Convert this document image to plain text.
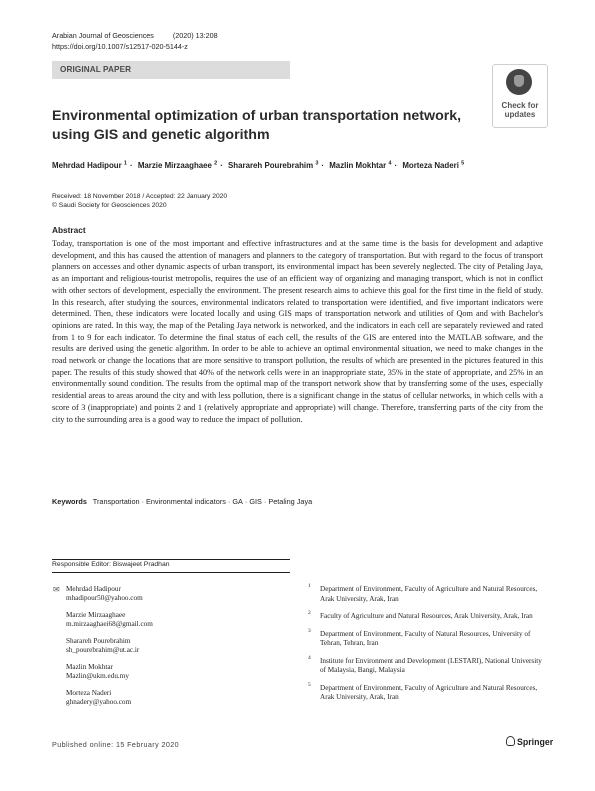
Arabian Journal of Geosciences	(2020) 13:208
https://doi.org/10.1007/s12517-020-5144-z
ORIGINAL PAPER
Check for
updates
Environmental optimization of urban transportation network, using GIS and genetic algorithm
Mehrdad Hadipour $^1$ · Marzie Mirzaaghaee $^2$ · Sharareh Pourebrahim $^3$ · Mazlin Mokhtar $^4$ · Morteza Naderi $^5$
Received: 18 November 2018 / Accepted: 22 January 2020
© Saudi Society for Geosciences 2020
Abstract
Today, transportation is one of the most important and effective infrastructures and at the same time is the basis for development and adaptive development, and this has caused the attention of managers and planners to the category of transportation. But with regard to the focus of transport planners on accesses and other dynamic aspects of urban transport, its environmental impact has been severely neglected. The city of Petaling Jaya, as an important and religious-tourist metropolis, requires the use of an efficient way of organizing and managing transport, which is not in conflict with other sectors of development, especially the environment. The present research aims to achieve this goal for the first time in the field of study. In this research, after studying the sources, environmental indicators related to transportation were identified, and five important indicators were determined. Then, these indicators were located locally and using GIS maps of transportation network and utilities of Qom and with Bachelor's opinions are rated. In this way, the map of the Petaling Jaya network is networked, and the indicators in each cell are separately reviewed and rated from 1 to 9 for each indicator. To determine the final status of each cell, the results of the GIS are entered into the MATLAB software, and the results are derived using the genetic algorithm. In order to be able to achieve an optimal environmental situation, we need to make changes in the road network or change the locations that are more sensitive to transport pollution, the results of which are presented in the pictures featured in this paper. The results of this study showed that 40% of the network cells were in an inappropriate state, 35% in the state of appropriate, and 25% in an environmentally sound condition. The results from the optimal map of the transport network show that by transferring some of the uses, especially residential areas to areas around the city and with less pollution, there is a significant change in the status of cellular networks, in which cells with a score of 3 (inappropriate) and points 2 and 1 (relatively appropriate and appropriate) will change. Therefore, transferring parts of the city from the city to the surrounding area is a good way to reduce the impact of pollution.
Keywords Transportation · Environmental indicators · GA · GIS · Petaling Jaya
Responsible Editor: Biswajeet Pradhan
✉ Mehrdad Hadipour
mhadipour50@yahoo.com
Marzie Mirzaaghaee
m.mirzaaghaei68@gmail.com
Sharareh Pourebrahim
sh_pourebrahim@ut.ac.ir
Mazlin Mokhtar
Mazlin@ukm.edu.my
Morteza Naderi
ghnadery@yahoo.com
1 Department of Environment, Faculty of Agriculture and Natural Resources, Arak University, Arak, Iran
2 Faculty of Agriculture and Natural Resources, Arak University, Arak, Iran
3 Department of Environment, Faculty of Natural Resources, University of Tehran, Tehran, Iran
4 Institute for Environment and Development (LESTARI), National University of Malaysia, Bangi, Malaysia
5 Department of Environment, Faculty of Agriculture and Natural Resources, Arak University, Arak, Iran
Published online: 15 February 2020	Springer
